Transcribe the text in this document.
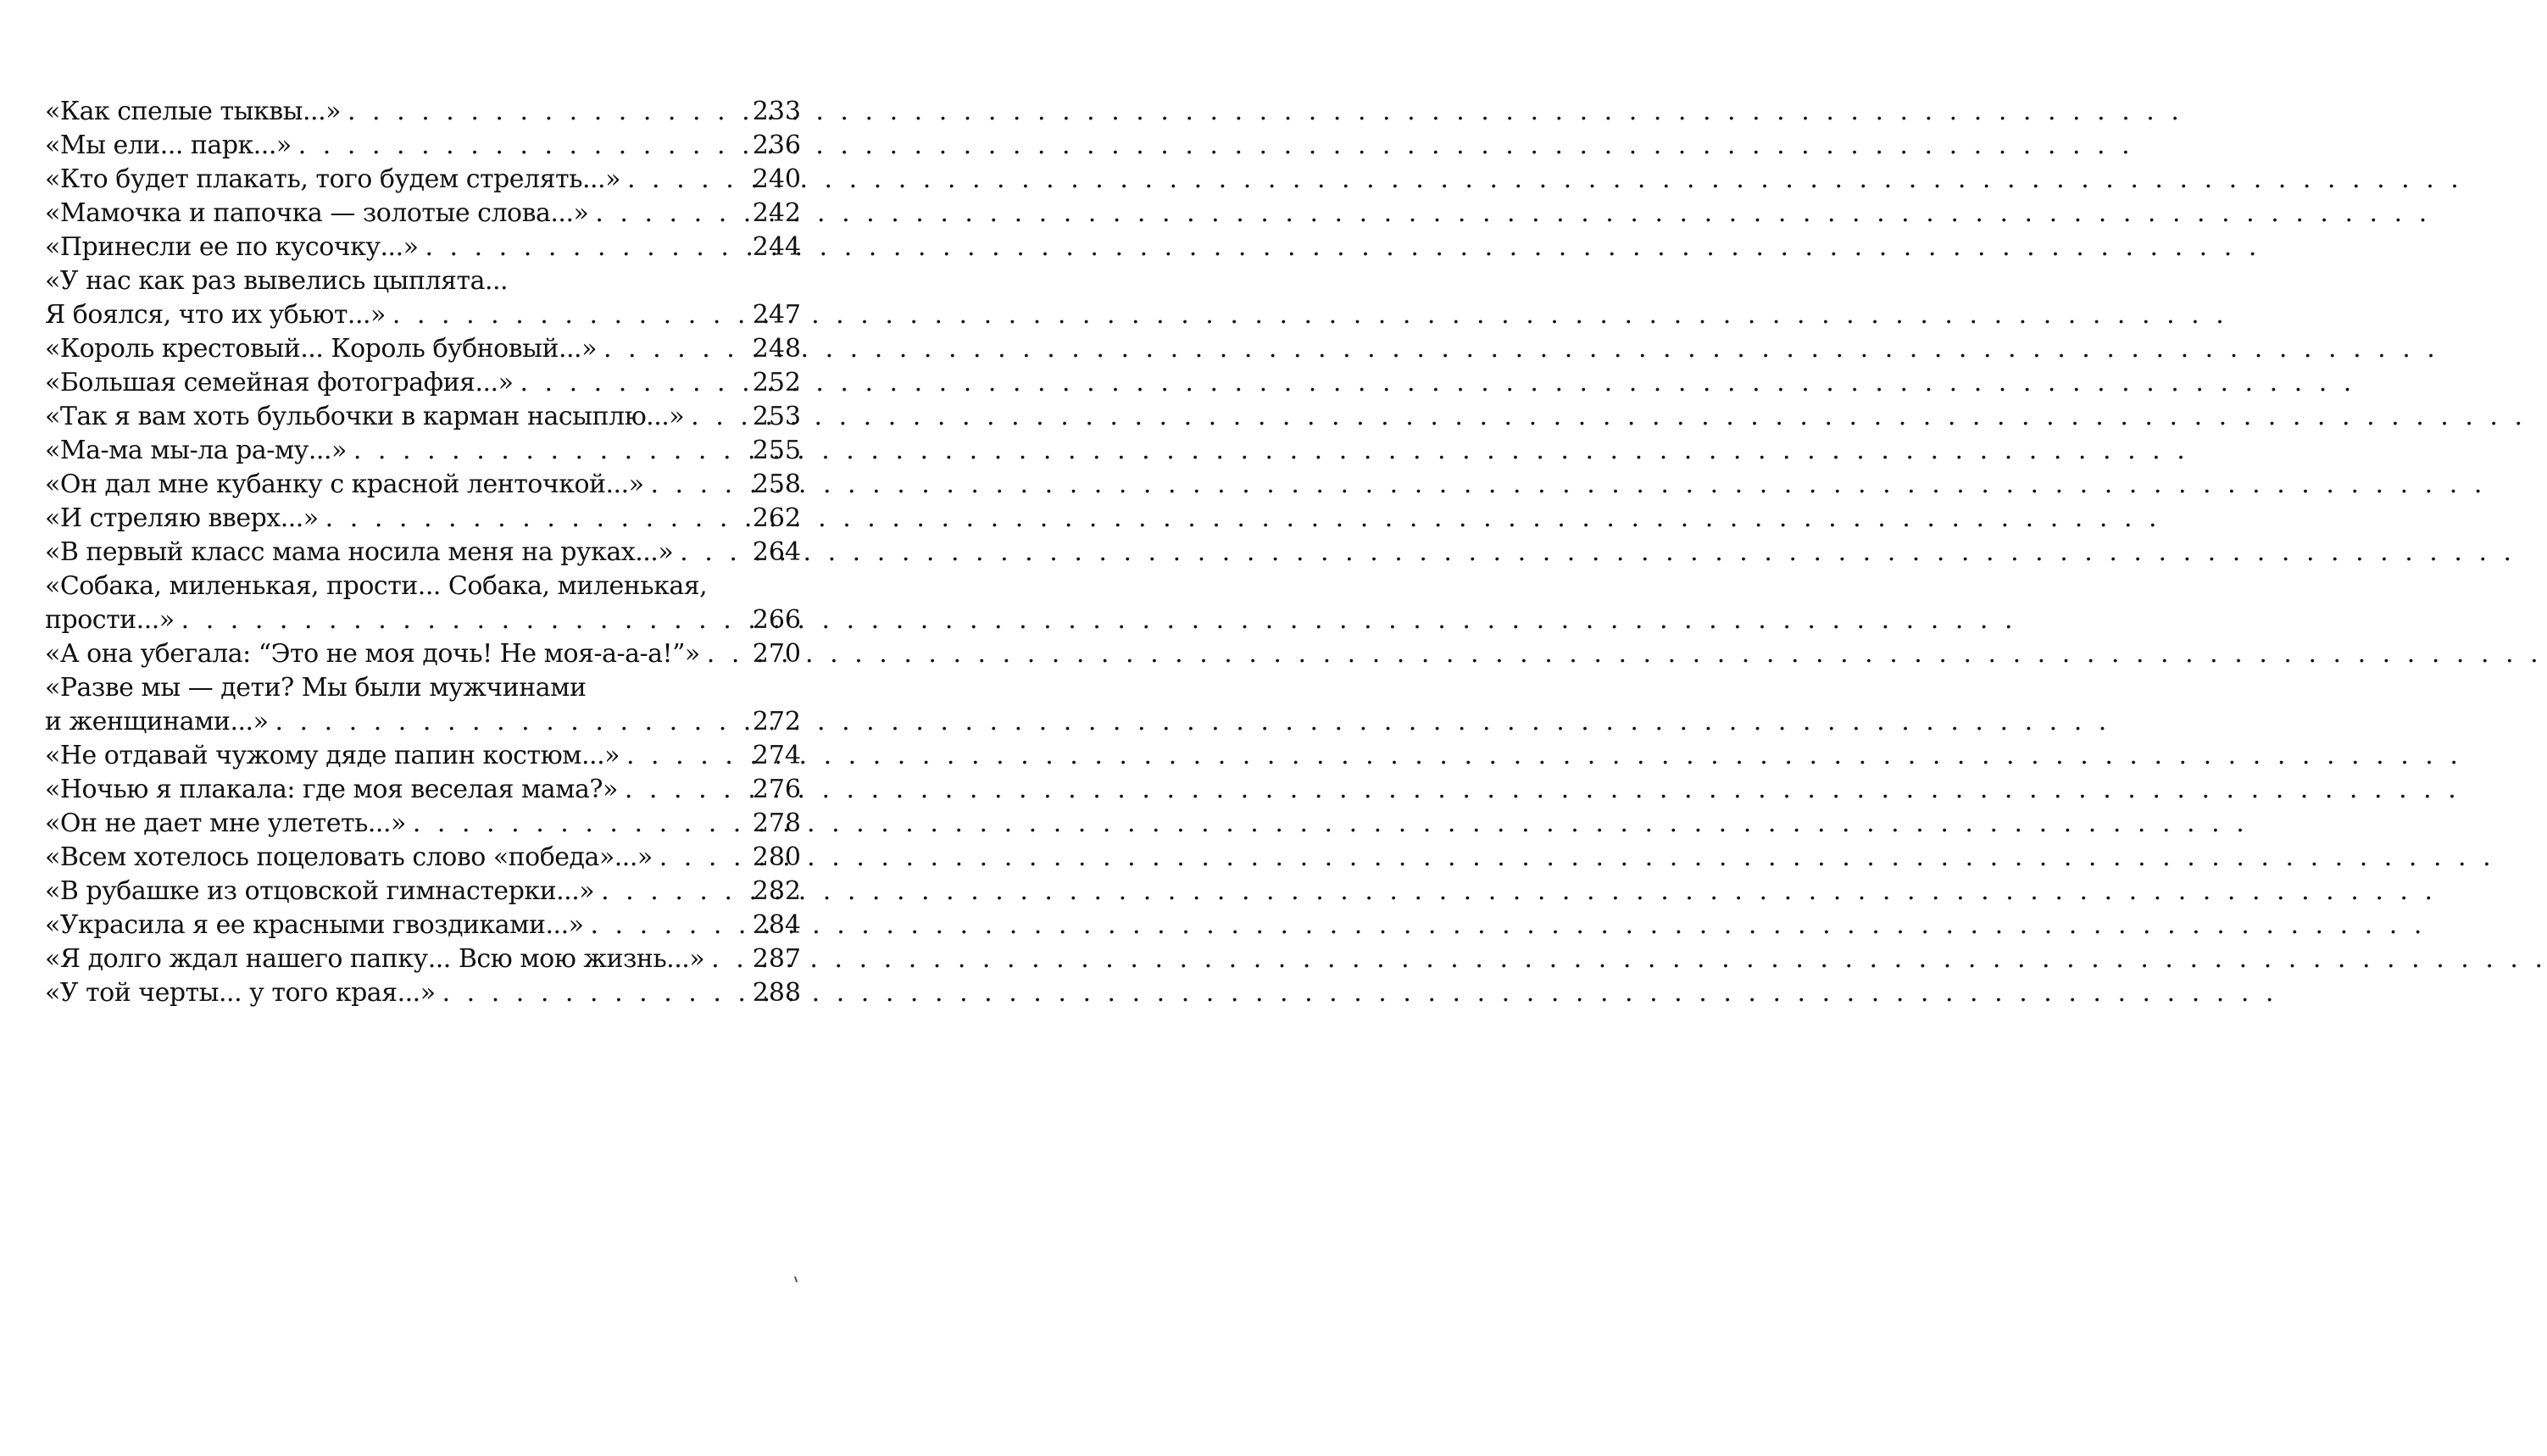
«Как спелые тыквы...» . . .	233
«Мы ели... парк...» . . .	236
«Кто будет плакать, того будем стрелять...» . . .	240
«Мамочка и папочка — золотые слова...» . . .	242
«Принесли ее по кусочку...» . . .	244
«У нас как раз вывелись цыплята...
Я боялся, что их убьют...» . . .	247
«Король крестовый... Король бубновый...» . . .	248
«Большая семейная фотография...» . . .	252
«Так я вам хоть бульбочки в карман насыплю...» . . .	253
«Ма-ма мы-ла ра-му...» . . .	255
«Он дал мне кубанку с красной ленточкой...» . . .	258
«И стреляю вверх...» . . .	262
«В первый класс мама носила меня на руках...» . . .	264
«Собака, миленькая, прости... Собака, миленькая,
прости...» . . .	266
«А она убегала: “Это не моя дочь! Не моя-а-а-а!”» . . . 270
«Разве мы — дети? Мы были мужчинами
и женщинами...» . . .	272
«Не отдавай чужому дяде папин костюм...» . . .	274
«Ночью я плакала: где моя веселая мама?» . . .	276
«Он не дает мне улететь...» . . .	278
«Всем хотелось поцеловать слово «победа»...» . . .	280
«В рубашке из отцовской гимнастерки...» . . .	282
«Украсила я ее красными гвоздиками...» . . .	284
«Я долго ждал нашего папку... Всю мою жизнь...» . . . 287
«У той черты... у того края...» . . .	288
